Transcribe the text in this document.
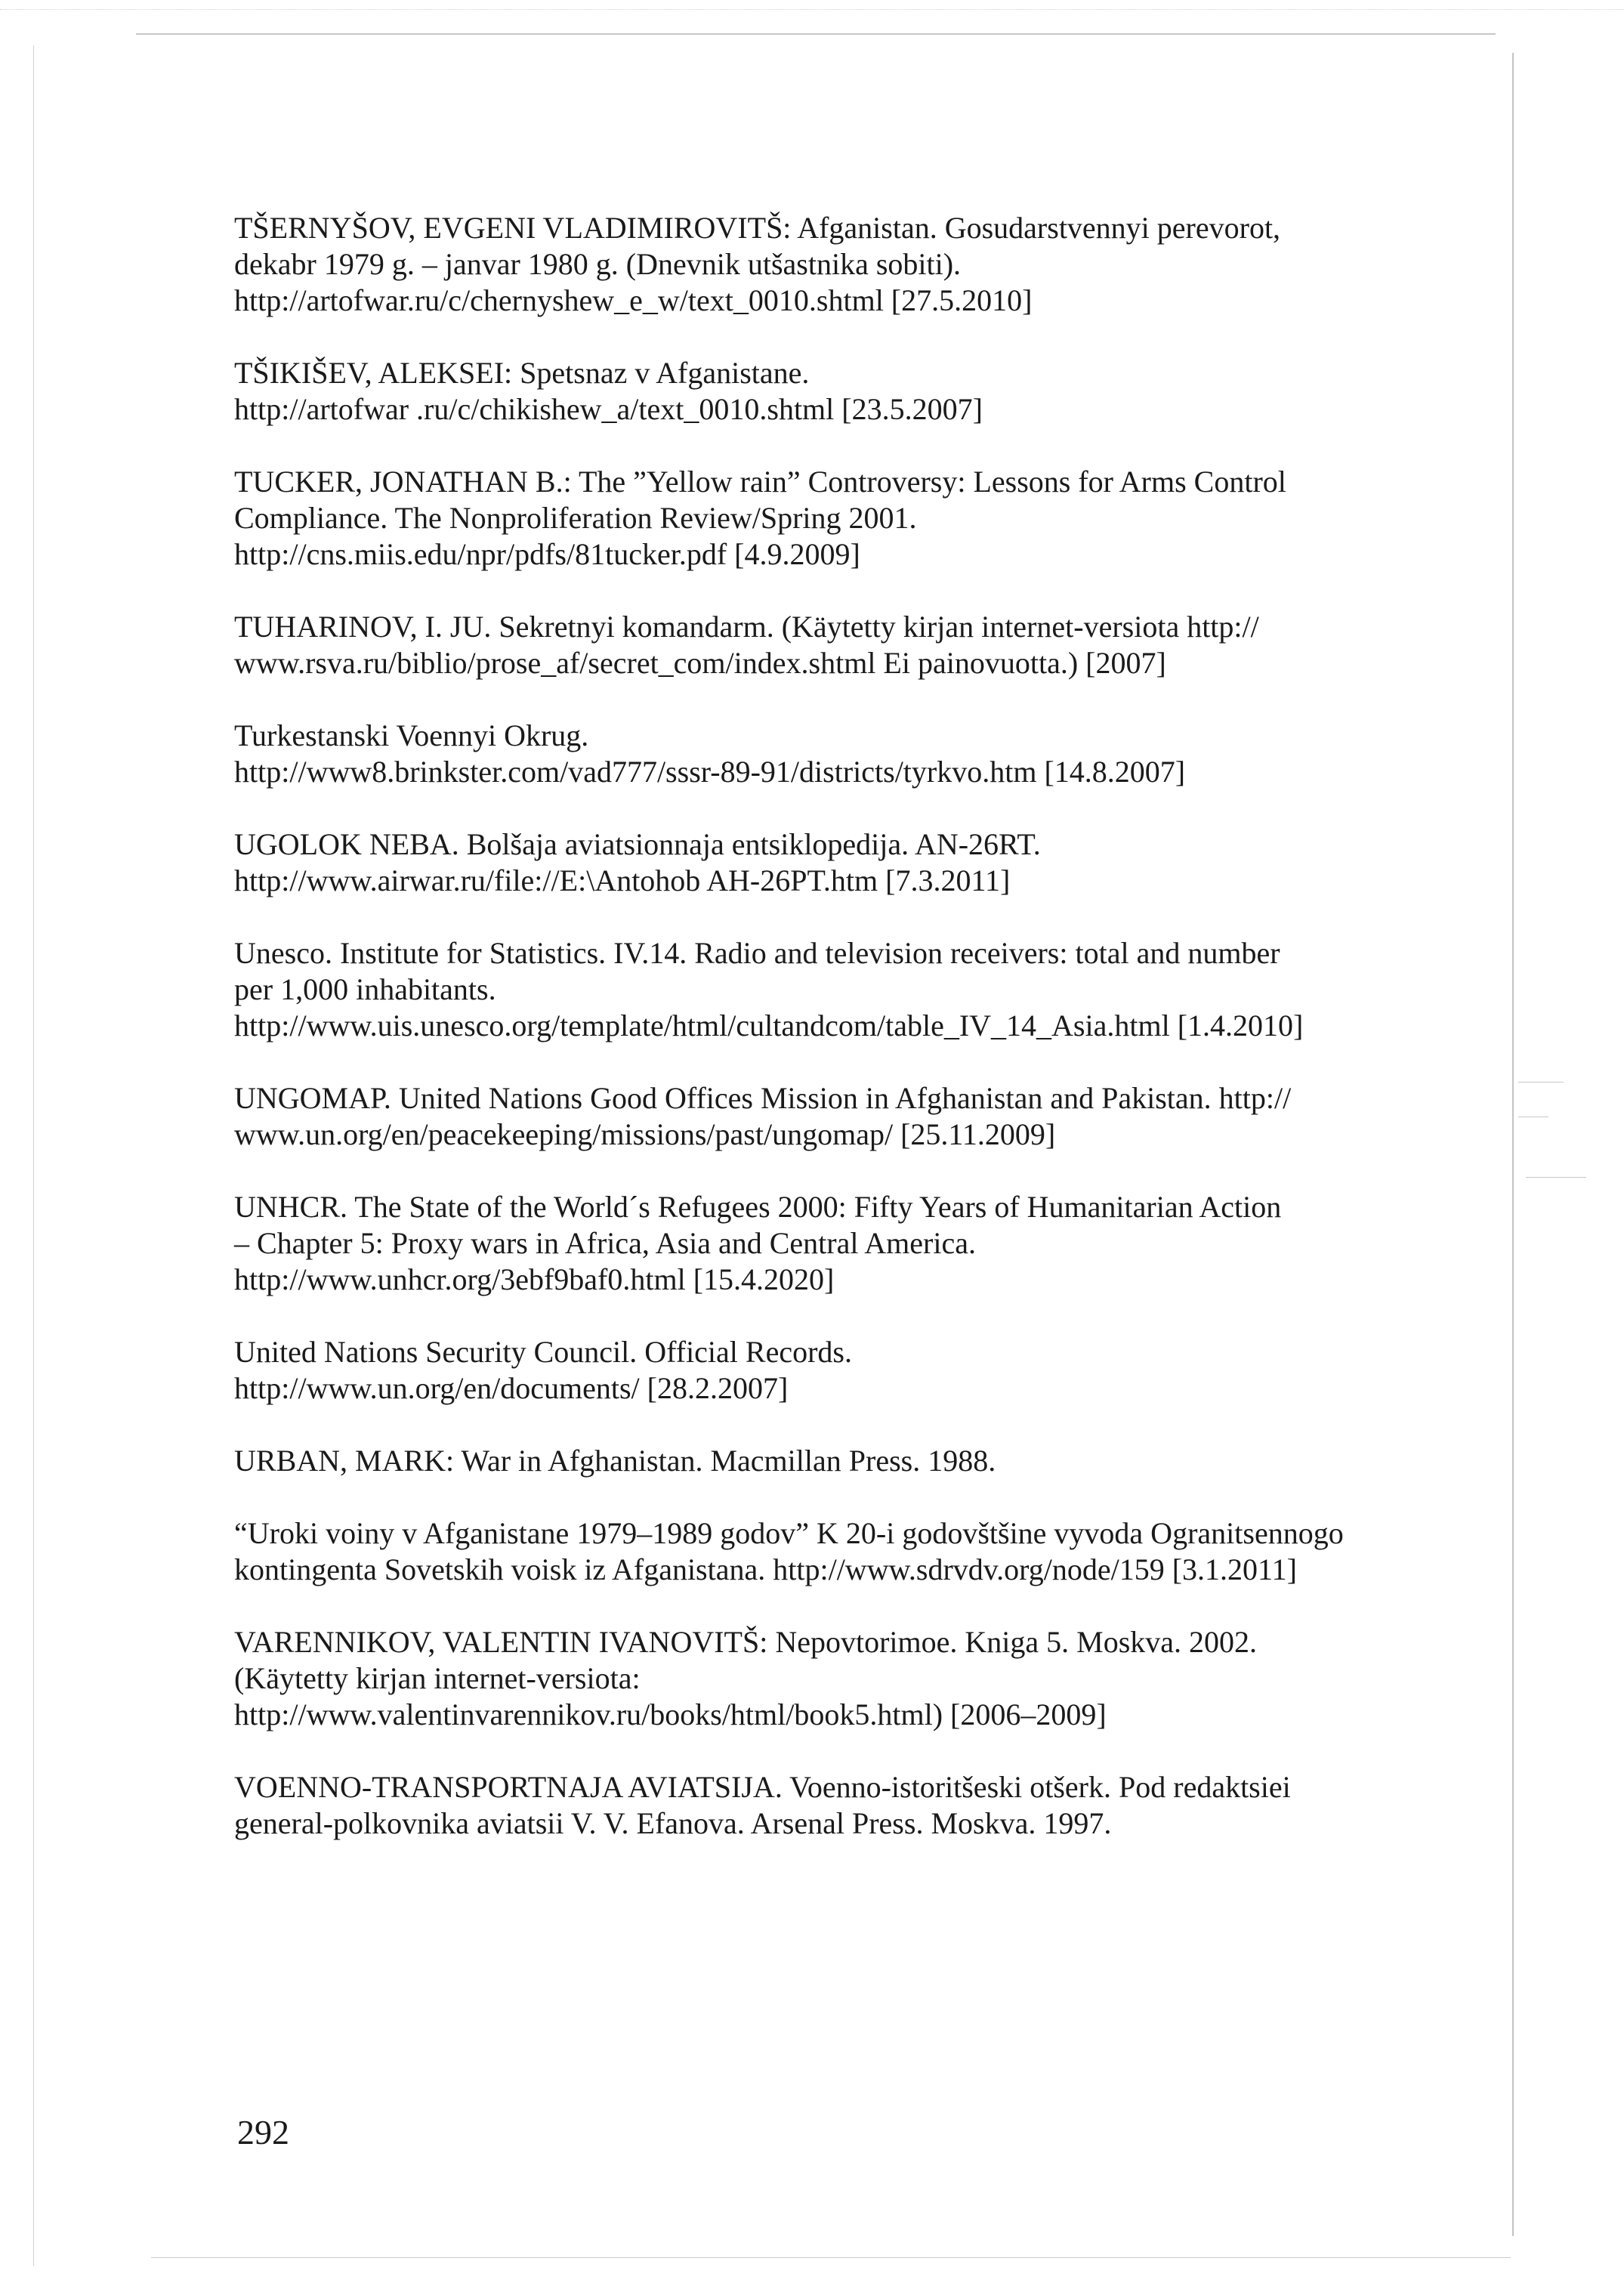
TŠERNYŠOV, EVGENI VLADIMIROVITŠ: Afganistan. Gosudarstvennyi perevorot,
dekabr 1979 g. – janvar 1980 g. (Dnevnik utšastnika sobiti).
http://artofwar.ru/c/chernyshew_e_w/text_0010.shtml [27.5.2010]
TŠIKIŠEV, ALEKSEI: Spetsnaz v Afganistane.
http://artofwar .ru/c/chikishew_a/text_0010.shtml [23.5.2007]
TUCKER, JONATHAN B.: The ”Yellow rain” Controversy: Lessons for Arms Control
Compliance. The Nonproliferation Review/Spring 2001.
http://cns.miis.edu/npr/pdfs/81tucker.pdf [4.9.2009]
TUHARINOV, I. JU. Sekretnyi komandarm. (Käytetty kirjan internet-versiota http://
www.rsva.ru/biblio/prose_af/secret_com/index.shtml Ei painovuotta.) [2007]
Turkestanski Voennyi Okrug.
http://www8.brinkster.com/vad777/sssr-89-91/districts/tyrkvo.htm [14.8.2007]
UGOLOK NEBA. Bolšaja aviatsionnaja entsiklopedija. AN-26RT.
http://www.airwar.ru/file://E:\Antohob AH-26PT.htm [7.3.2011]
Unesco. Institute for Statistics. IV.14. Radio and television receivers: total and number
per 1,000 inhabitants.
http://www.uis.unesco.org/template/html/cultandcom/table_IV_14_Asia.html [1.4.2010]
UNGOMAP. United Nations Good Offices Mission in Afghanistan and Pakistan. http://
www.un.org/en/peacekeeping/missions/past/ungomap/ [25.11.2009]
UNHCR. The State of the World´s Refugees 2000: Fifty Years of Humanitarian Action
– Chapter 5: Proxy wars in Africa, Asia and Central America.
http://www.unhcr.org/3ebf9baf0.html [15.4.2020]
United Nations Security Council. Official Records.
http://www.un.org/en/documents/ [28.2.2007]
URBAN, MARK: War in Afghanistan. Macmillan Press. 1988.
“Uroki voiny v Afganistane 1979–1989 godov” K 20-i godovštšine vyvoda Ogranitsennogo
kontingenta Sovetskih voisk iz Afganistana. http://www.sdrvdv.org/node/159 [3.1.2011]
VARENNIKOV, VALENTIN IVANOVITŠ: Nepovtorimoe. Kniga 5. Moskva. 2002.
(Käytetty kirjan internet-versiota:
http://www.valentinvarennikov.ru/books/html/book5.html) [2006–2009]
VOENNO-TRANSPORTNAJA AVIATSIJA. Voenno-istoritšeski otšerk. Pod redaktsiei
general-polkovnika aviatsii V. V. Efanova. Arsenal Press. Moskva. 1997.
292
